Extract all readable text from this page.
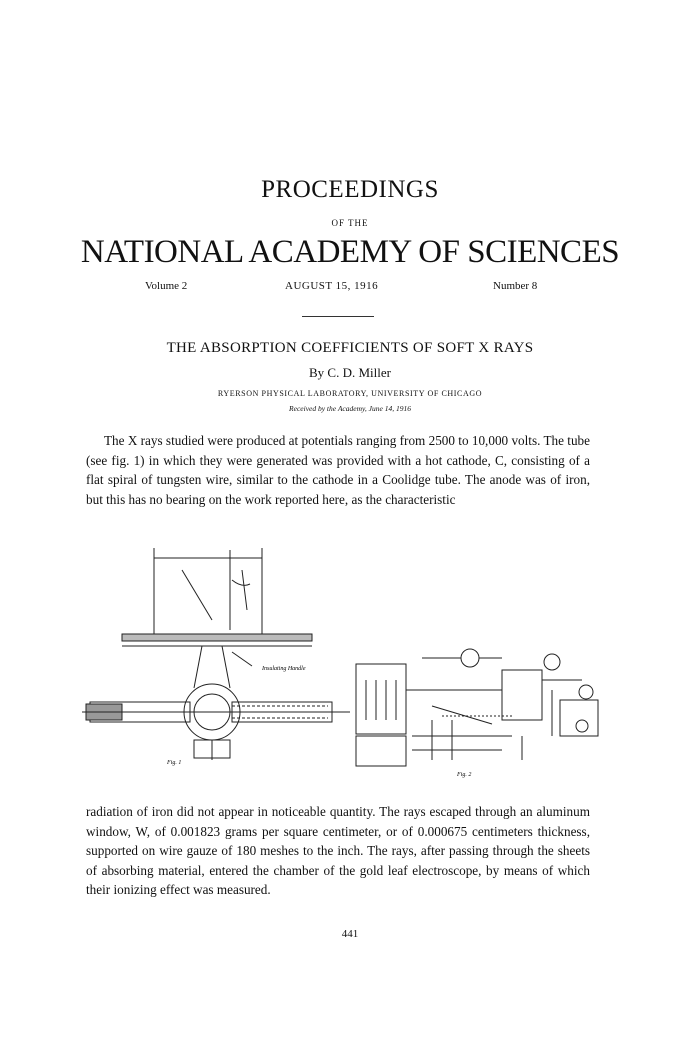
PROCEEDINGS
OF THE
NATIONAL ACADEMY OF SCIENCES
Volume 2	AUGUST 15, 1916	Number 8
THE ABSORPTION COEFFICIENTS OF SOFT X RAYS
By C. D. Miller
RYERSON PHYSICAL LABORATORY, UNIVERSITY OF CHICAGO
Received by the Academy, June 14, 1916
The X rays studied were produced at potentials ranging from 2500 to 10,000 volts. The tube (see fig. 1) in which they were generated was provided with a hot cathode, C, consisting of a flat spiral of tungsten wire, similar to the cathode in a Coolidge tube. The anode was of iron, but this has no bearing on the work reported here, as the characteristic
Insulating Handle
Fig. 1
Fig. 2
radiation of iron did not appear in noticeable quantity. The rays escaped through an aluminum window, W, of 0.001823 grams per square centimeter, or of 0.000675 centimeters thickness, supported on wire gauze of 180 meshes to the inch. The rays, after passing through the sheets of absorbing material, entered the chamber of the gold leaf electroscope, by means of which their ionizing effect was measured.
441
